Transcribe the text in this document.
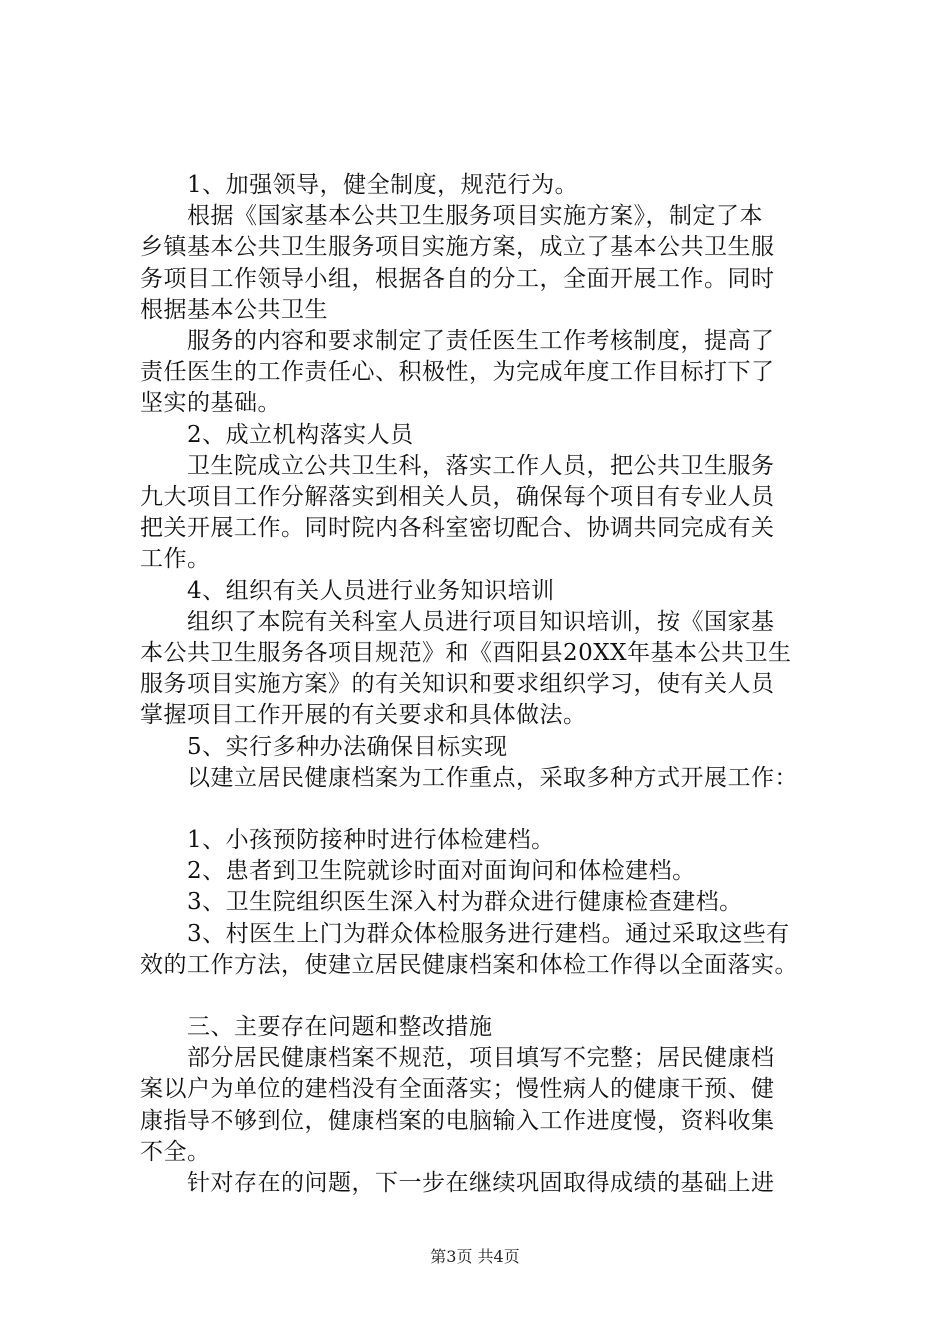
　　1、加强领导，健全制度，规范行为。

　　根据《国家基本公共卫生服务项目实施方案》，制定了本

乡镇基本公共卫生服务项目实施方案，成立了基本公共卫生服

务项目工作领导小组，根据各自的分工，全面开展工作。同时

根据基本公共卫生

　　服务的内容和要求制定了责任医生工作考核制度，提高了

责任医生的工作责任心、积极性，为完成年度工作目标打下了

坚实的基础。

　　2、成立机构落实人员

　　卫生院成立公共卫生科，落实工作人员，把公共卫生服务

九大项目工作分解落实到相关人员，确保每个项目有专业人员

把关开展工作。同时院内各科室密切配合、协调共同完成有关

工作。

　　4、组织有关人员进行业务知识培训

　　组织了本院有关科室人员进行项目知识培训，按《国家基

本公共卫生服务各项目规范》和《酉阳县20XX年基本公共卫生

服务项目实施方案》的有关知识和要求组织学习，使有关人员

掌握项目工作开展的有关要求和具体做法。

　　5、实行多种办法确保目标实现

　　以建立居民健康档案为工作重点，采取多种方式开展工作：

　　1、小孩预防接种时进行体检建档。

　　2、患者到卫生院就诊时面对面询问和体检建档。

　　3、卫生院组织医生深入村为群众进行健康检查建档。

　　3、村医生上门为群众体检服务进行建档。通过采取这些有

效的工作方法，使建立居民健康档案和体检工作得以全面落实。

　　三、主要存在问题和整改措施

　　部分居民健康档案不规范，项目填写不完整；居民健康档

案以户为单位的建档没有全面落实；慢性病人的健康干预、健

康指导不够到位，健康档案的电脑输入工作进度慢，资料收集

不全。

　　针对存在的问题，下一步在继续巩固取得成绩的基础上进

第3页 共4页
